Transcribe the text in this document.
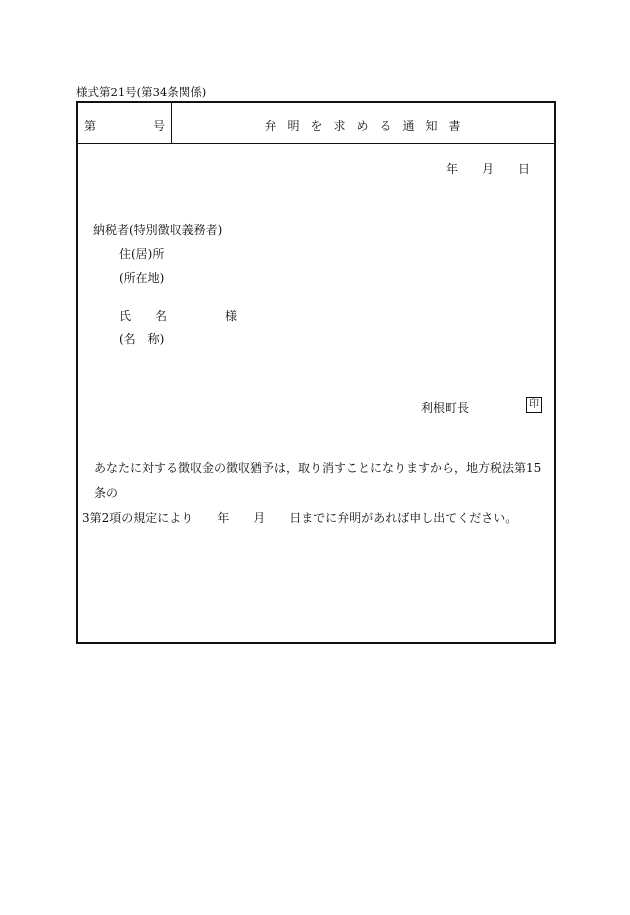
様式第21号(第34条関係)
第	号	弁明を求める通知書
年 月 日
納税者(特別徴収義務者)
住(居)所
(所在地)
氏　　名	様
(名　称)
利根町長	印
あなたに対する徴収金の徴収猶予は，取り消すことになりますから，地方税法第15条の
3第2項の規定により　　年　　月　　日までに弁明があれば申し出てください。
